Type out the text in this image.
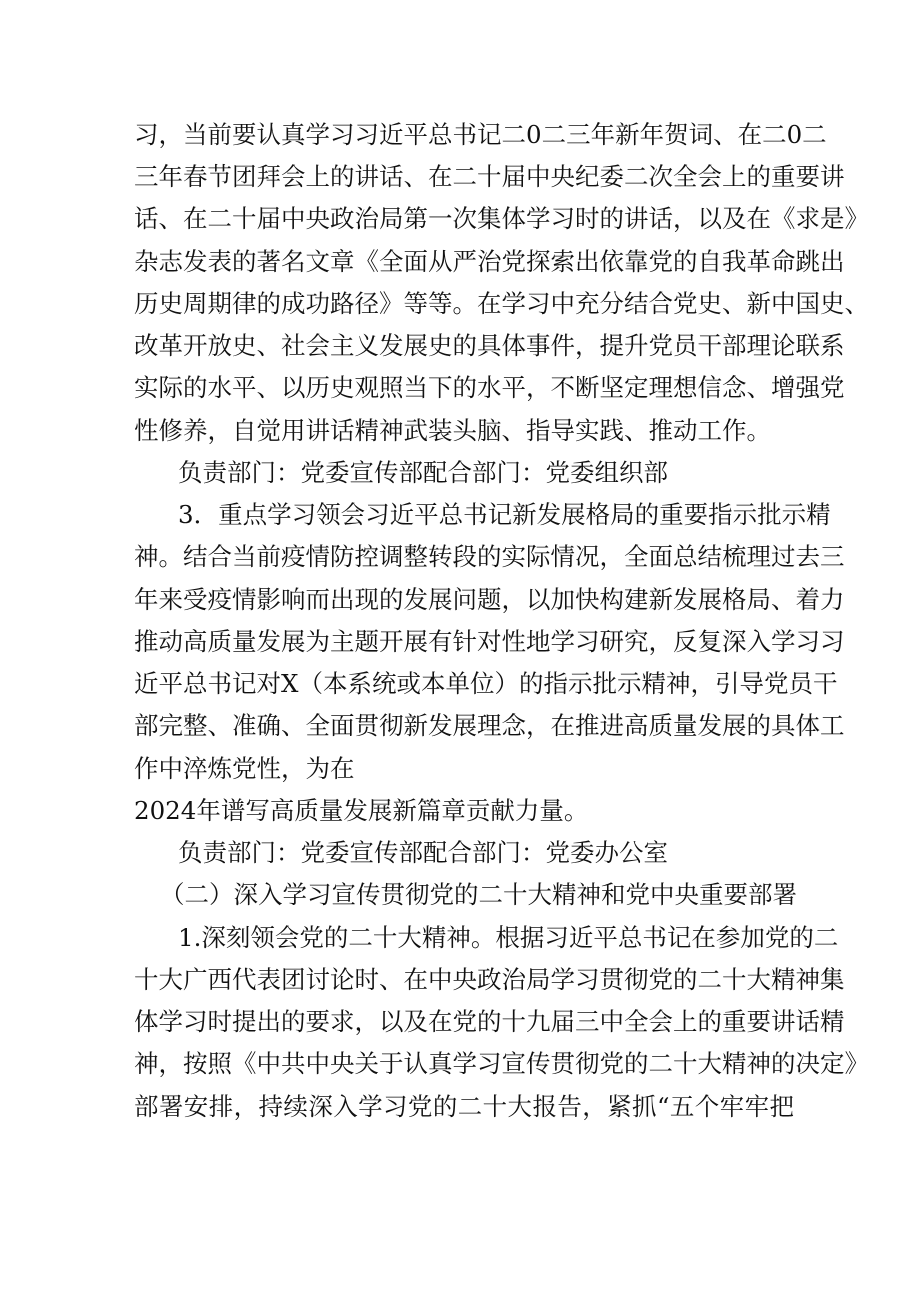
习，当前要认真学习习近平总书记二0二三年新年贺词、在二0二
三年春节团拜会上的讲话、在二十届中央纪委二次全会上的重要讲
话、在二十届中央政治局第一次集体学习时的讲话，以及在《求是》
杂志发表的著名文章《全面从严治党探索出依靠党的自我革命跳出
历史周期律的成功路径》等等。在学习中充分结合党史、新中国史、
改革开放史、社会主义发展史的具体事件，提升党员干部理论联系
实际的水平、以历史观照当下的水平，不断坚定理想信念、增强党
性修养，自觉用讲话精神武装头脑、指导实践、推动工作。
负责部门：党委宣传部配合部门：党委组织部
3．重点学习领会习近平总书记新发展格局的重要指示批示精
神。结合当前疫情防控调整转段的实际情况，全面总结梳理过去三
年来受疫情影响而出现的发展问题，以加快构建新发展格局、着力
推动高质量发展为主题开展有针对性地学习研究，反复深入学习习
近平总书记对X（本系统或本单位）的指示批示精神，引导党员干
部完整、准确、全面贯彻新发展理念，在推进高质量发展的具体工
作中淬炼党性，为在
2024年谱写高质量发展新篇章贡献力量。
负责部门：党委宣传部配合部门：党委办公室
（二）深入学习宣传贯彻党的二十大精神和党中央重要部署
1.深刻领会党的二十大精神。根据习近平总书记在参加党的二
十大广西代表团讨论时、在中央政治局学习贯彻党的二十大精神集
体学习时提出的要求，以及在党的十九届三中全会上的重要讲话精
神，按照《中共中央关于认真学习宣传贯彻党的二十大精神的决定》
部署安排，持续深入学习党的二十大报告，紧抓“五个牢牢把
